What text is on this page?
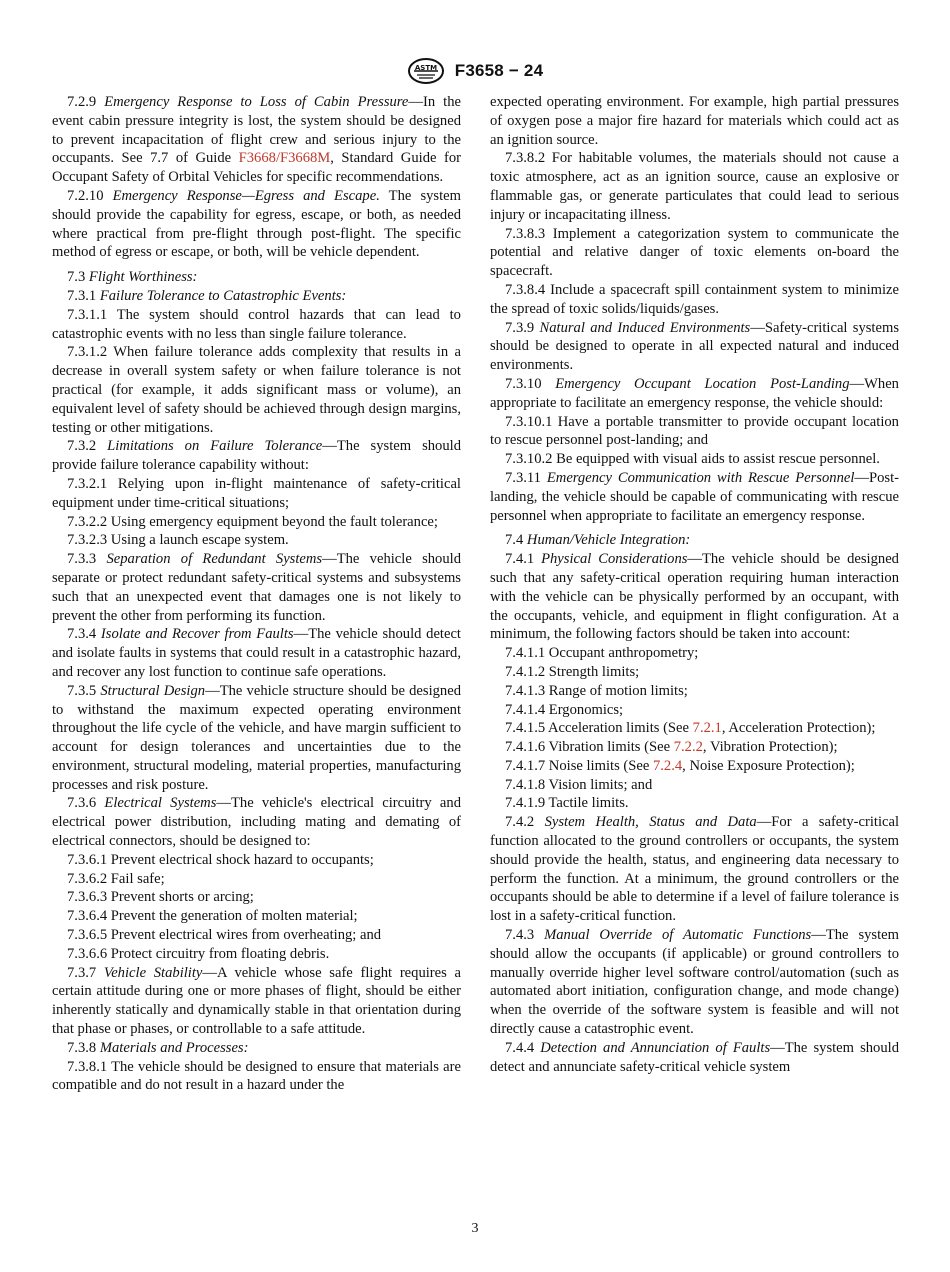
ASTM F3658 − 24

7.2.9 Emergency Response to Loss of Cabin Pressure—In the event cabin pressure integrity is lost, the system should be designed to prevent incapacitation of flight crew and serious injury to the occupants. See 7.7 of Guide F3668/F3668M, Standard Guide for Occupant Safety of Orbital Vehicles for specific recommendations.

7.2.10 Emergency Response—Egress and Escape. The system should provide the capability for egress, escape, or both, as needed where practical from pre-flight through post-flight. The specific method of egress or escape, or both, will be vehicle dependent.

7.3 Flight Worthiness:

7.3.1 Failure Tolerance to Catastrophic Events:

7.3.1.1 The system should control hazards that can lead to catastrophic events with no less than single failure tolerance.

7.3.1.2 When failure tolerance adds complexity that results in a decrease in overall system safety or when failure tolerance is not practical (for example, it adds significant mass or volume), an equivalent level of safety should be achieved through design margins, testing or other mitigations.

7.3.2 Limitations on Failure Tolerance—The system should provide failure tolerance capability without:

7.3.2.1 Relying upon in-flight maintenance of safety-critical equipment under time-critical situations;

7.3.2.2 Using emergency equipment beyond the fault tolerance;

7.3.2.3 Using a launch escape system.

7.3.3 Separation of Redundant Systems—The vehicle should separate or protect redundant safety-critical systems and subsystems such that an unexpected event that damages one is not likely to prevent the other from performing its function.

7.3.4 Isolate and Recover from Faults—The vehicle should detect and isolate faults in systems that could result in a catastrophic hazard, and recover any lost function to continue safe operations.

7.3.5 Structural Design—The vehicle structure should be designed to withstand the maximum expected operating environment throughout the life cycle of the vehicle, and have margin sufficient to account for design tolerances and uncertainties due to the environment, structural modeling, material properties, manufacturing processes and risk posture.

7.3.6 Electrical Systems—The vehicle's electrical circuitry and electrical power distribution, including mating and demating of electrical connectors, should be designed to:

7.3.6.1 Prevent electrical shock hazard to occupants;

7.3.6.2 Fail safe;

7.3.6.3 Prevent shorts or arcing;

7.3.6.4 Prevent the generation of molten material;

7.3.6.5 Prevent electrical wires from overheating; and

7.3.6.6 Protect circuitry from floating debris.

7.3.7 Vehicle Stability—A vehicle whose safe flight requires a certain attitude during one or more phases of flight, should be either inherently statically and dynamically stable in that orientation during that phase or phases, or controllable to a safe attitude.

7.3.8 Materials and Processes:

7.3.8.1 The vehicle should be designed to ensure that materials are compatible and do not result in a hazard under the

expected operating environment. For example, high partial pressures of oxygen pose a major fire hazard for materials which could act as an ignition source.

7.3.8.2 For habitable volumes, the materials should not cause a toxic atmosphere, act as an ignition source, cause an explosive or flammable gas, or generate particulates that could lead to serious injury or incapacitating illness.

7.3.8.3 Implement a categorization system to communicate the potential and relative danger of toxic elements on-board the spacecraft.

7.3.8.4 Include a spacecraft spill containment system to minimize the spread of toxic solids/liquids/gases.

7.3.9 Natural and Induced Environments—Safety-critical systems should be designed to operate in all expected natural and induced environments.

7.3.10 Emergency Occupant Location Post-Landing—When appropriate to facilitate an emergency response, the vehicle should:

7.3.10.1 Have a portable transmitter to provide occupant location to rescue personnel post-landing; and

7.3.10.2 Be equipped with visual aids to assist rescue personnel.

7.3.11 Emergency Communication with Rescue Personnel—Post-landing, the vehicle should be capable of communicating with rescue personnel when appropriate to facilitate an emergency response.

7.4 Human/Vehicle Integration:

7.4.1 Physical Considerations—The vehicle should be designed such that any safety-critical operation requiring human interaction with the vehicle can be physically performed by an occupant, with the occupants, vehicle, and equipment in flight configuration. At a minimum, the following factors should be taken into account:

7.4.1.1 Occupant anthropometry;

7.4.1.2 Strength limits;

7.4.1.3 Range of motion limits;

7.4.1.4 Ergonomics;

7.4.1.5 Acceleration limits (See 7.2.1, Acceleration Protection);

7.4.1.6 Vibration limits (See 7.2.2, Vibration Protection);

7.4.1.7 Noise limits (See 7.2.4, Noise Exposure Protection);

7.4.1.8 Vision limits; and

7.4.1.9 Tactile limits.

7.4.2 System Health, Status and Data—For a safety-critical function allocated to the ground controllers or occupants, the system should provide the health, status, and engineering data necessary to perform the function. At a minimum, the ground controllers or the occupants should be able to determine if a level of failure tolerance is lost in a safety-critical function.

7.4.3 Manual Override of Automatic Functions—The system should allow the occupants (if applicable) or ground controllers to manually override higher level software control/automation (such as automated abort initiation, configuration change, and mode change) when the override of the software system is feasible and will not directly cause a catastrophic event.

7.4.4 Detection and Annunciation of Faults—The system should detect and annunciate safety-critical vehicle system

3
